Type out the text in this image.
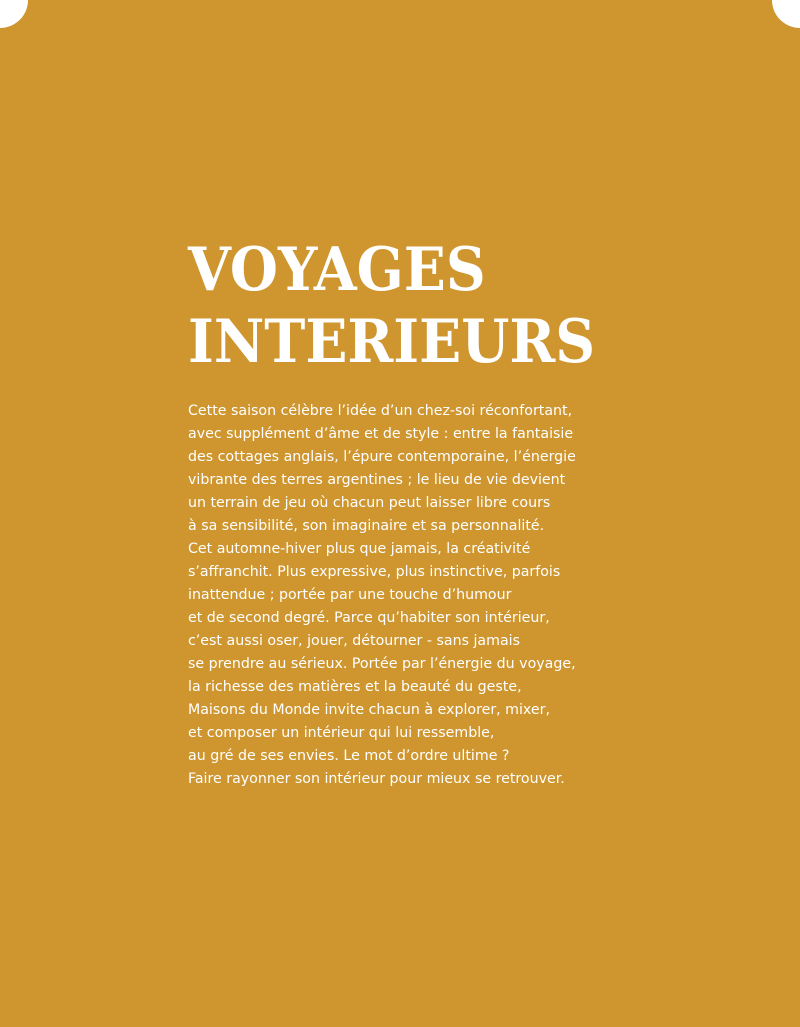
VOYAGES
INTERIEURS

Cette saison célèbre l’idée d’un chez-soi réconfortant,
avec supplément d’âme et de style : entre la fantaisie
des cottages anglais, l’épure contemporaine, l’énergie
vibrante des terres argentines ; le lieu de vie devient
un terrain de jeu où chacun peut laisser libre cours
à sa sensibilité, son imaginaire et sa personnalité.
Cet automne-hiver plus que jamais, la créativité
s’affranchit. Plus expressive, plus instinctive, parfois
inattendue ; portée par une touche d’humour
et de second degré. Parce qu’habiter son intérieur,
c’est aussi oser, jouer, détourner - sans jamais
se prendre au sérieux. Portée par l’énergie du voyage,
la richesse des matières et la beauté du geste,
Maisons du Monde invite chacun à explorer, mixer,
et composer un intérieur qui lui ressemble,
au gré de ses envies. Le mot d’ordre ultime ?
Faire rayonner son intérieur pour mieux se retrouver.
